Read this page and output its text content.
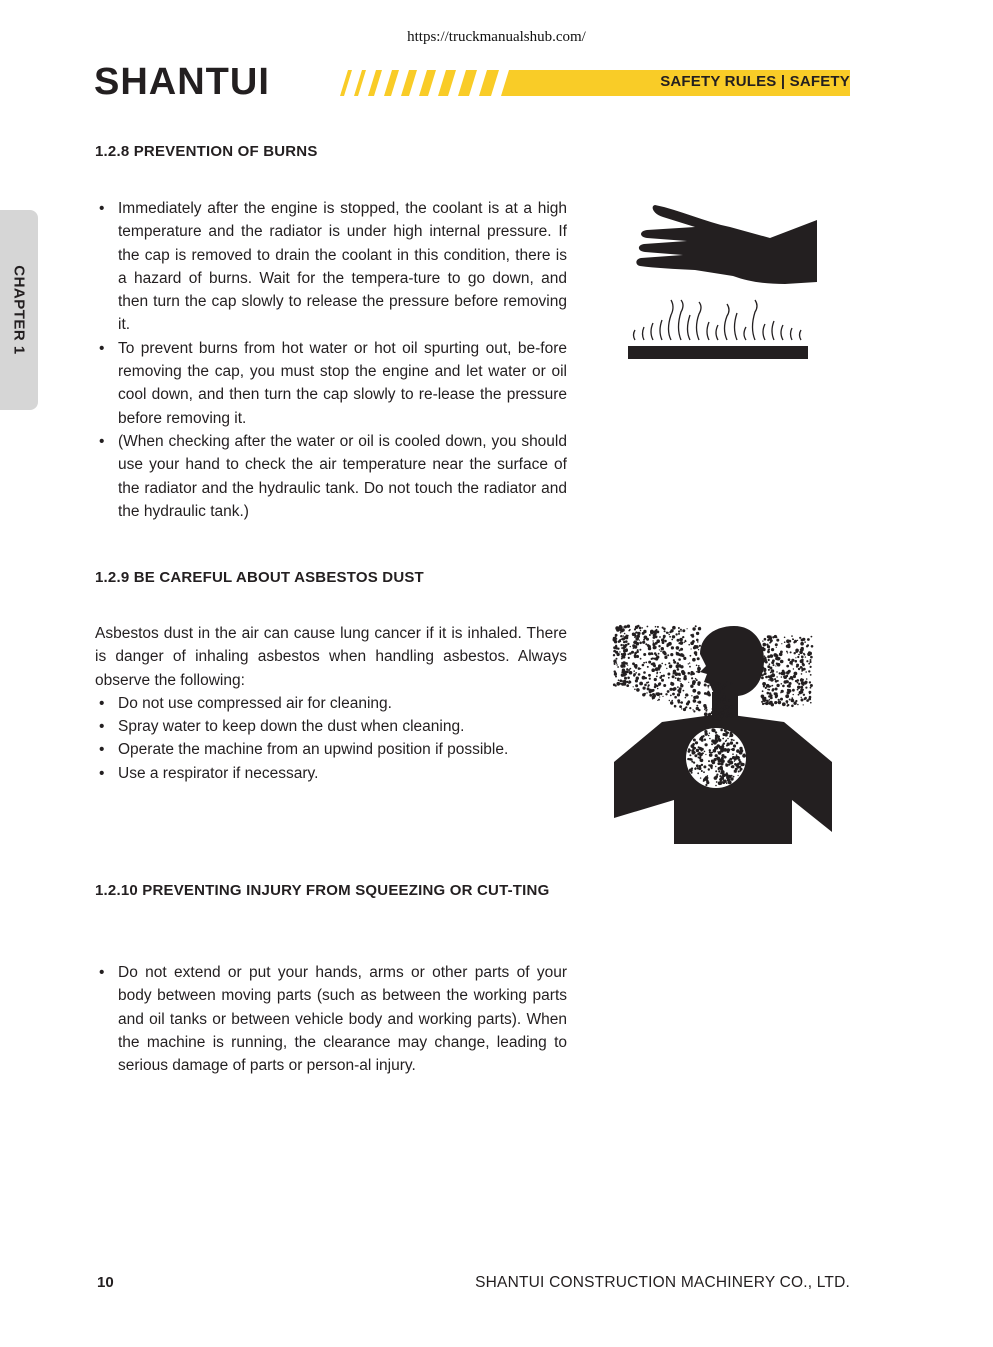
https://truckmanualshub.com/
SHANTUI	SAFETY RULES | SAFETY
CHAPTER 1
1.2.8 PREVENTION OF BURNS
• Immediately after the engine is stopped, the coolant is at a high temperature and the radiator is under high internal pressure. If the cap is removed to drain the coolant in this condition, there is a hazard of burns. Wait for the tempera-ture to go down, and then turn the cap slowly to release the pressure before removing it.
• To prevent burns from hot water or hot oil spurting out, be-fore removing the cap, you must stop the engine and let water or oil cool down, and then turn the cap slowly to re-lease the pressure before removing it.
• (When checking after the water or oil is cooled down, you should use your hand to check the air temperature near the surface of the radiator and the hydraulic tank. Do not touch the radiator and the hydraulic tank.)
1.2.9 BE CAREFUL ABOUT ASBESTOS DUST

Asbestos dust in the air can cause lung cancer if it is inhaled. There is danger of inhaling asbestos when handling asbestos. Always observe the following:

• Do not use compressed air for cleaning.
• Spray water to keep down the dust when cleaning.
• Operate the machine from an upwind position if possible.
• Use a respirator if necessary.
1.2.10 PREVENTING INJURY FROM SQUEEZING OR CUT-TING
• Do not extend or put your hands, arms or other parts of your body between moving parts (such as between the working parts and oil tanks or between vehicle body and working parts). When the machine is running, the clearance may change, leading to serious damage of parts or person-al injury.
10	SHANTUI CONSTRUCTION MACHINERY CO., LTD.
